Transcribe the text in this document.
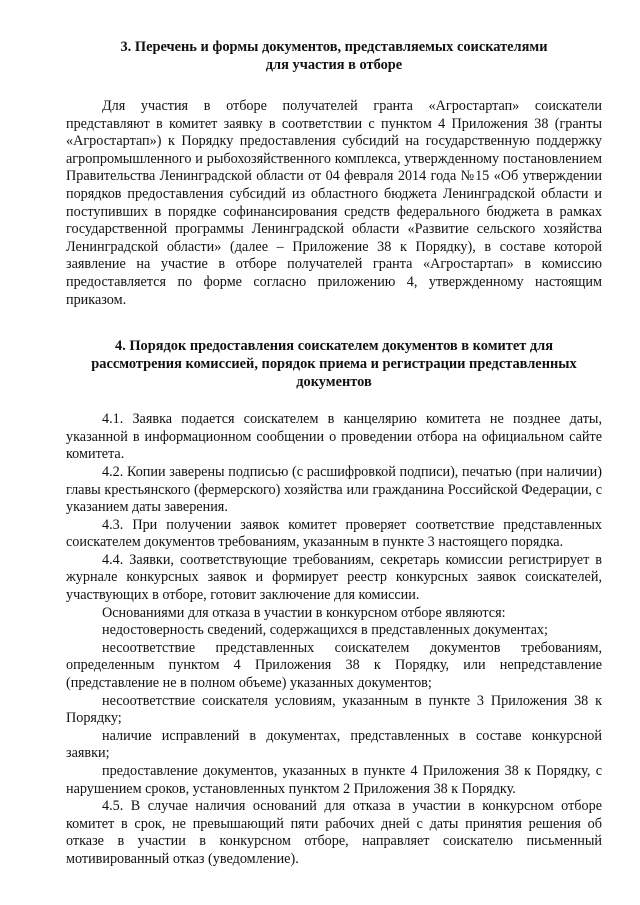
3. Перечень и формы документов, представляемых соискателями
для участия в отборе

Для участия в отборе получателей гранта «Агростартап» соискатели представляют в комитет заявку в соответствии с пунктом 4 Приложения 38 (гранты «Агростартап») к Порядку предоставления субсидий на государственную поддержку агропромышленного и рыбохозяйственного комплекса, утвержденному постановлением Правительства Ленинградской области от 04 февраля 2014 года №15 «Об утверждении порядков предоставления субсидий из областного бюджета Ленинградской области и поступивших в порядке софинансирования средств федерального бюджета в рамках государственной программы Ленинградской области «Развитие сельского хозяйства Ленинградской области» (далее – Приложение 38 к Порядку), в составе которой заявление на участие в отборе получателей гранта «Агростартап» в комиссию предоставляется по форме согласно приложению 4, утвержденному настоящим приказом.

4. Порядок предоставления соискателем документов в комитет для
рассмотрения комиссией, порядок приема и регистрации представленных
документов

4.1. Заявка подается соискателем в канцелярию комитета не позднее даты, указанной в информационном сообщении о проведении отбора на официальном сайте комитета.

4.2. Копии заверены подписью (с расшифровкой подписи), печатью (при наличии) главы крестьянского (фермерского) хозяйства или гражданина Российской Федерации, с указанием даты заверения.

4.3. При получении заявок комитет проверяет соответствие представленных соискателем документов требованиям, указанным в пункте 3 настоящего порядка.

4.4. Заявки, соответствующие требованиям, секретарь комиссии регистрирует в журнале конкурсных заявок и формирует реестр конкурсных заявок соискателей, участвующих в отборе, готовит заключение для комиссии.

Основаниями для отказа в участии в конкурсном отборе являются:

недостоверность сведений, содержащихся в представленных документах;

несоответствие представленных соискателем документов требованиям, определенным пунктом 4 Приложения 38 к Порядку, или непредставление (представление не в полном объеме) указанных документов;

несоответствие соискателя условиям, указанным в пункте 3 Приложения 38 к Порядку;

наличие исправлений в документах, представленных в составе конкурсной заявки;

предоставление документов, указанных в пункте 4 Приложения 38 к Порядку, с нарушением сроков, установленных пунктом 2 Приложения 38 к Порядку.

4.5. В случае наличия оснований для отказа в участии в конкурсном отборе комитет в срок, не превышающий пяти рабочих дней с даты принятия решения об отказе в участии в конкурсном отборе, направляет соискателю письменный мотивированный отказ (уведомление).
